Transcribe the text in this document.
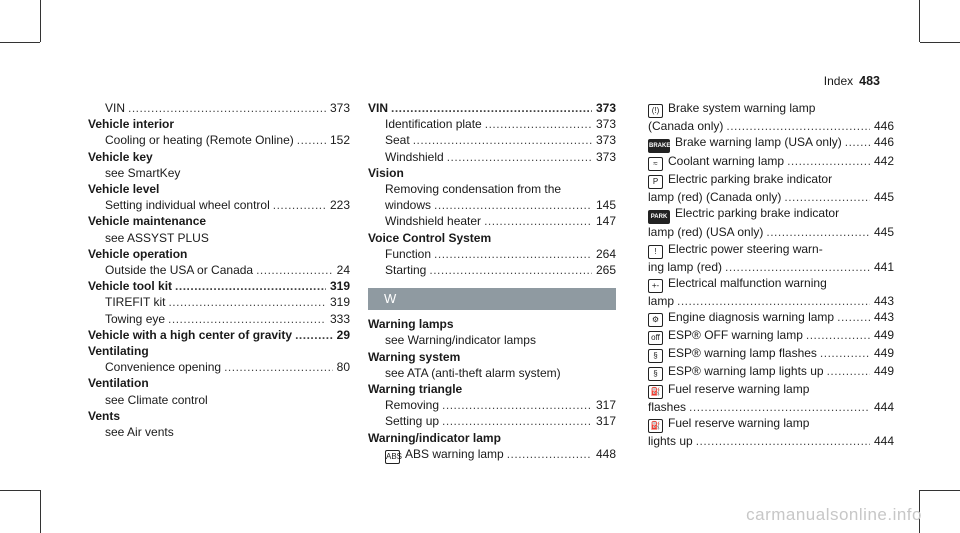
Index 483
VIN .....	373
Vehicle interior
Cooling or heating (Remote Online) .....	152
Vehicle key
see SmartKey
Vehicle level
Setting individual wheel control .....	223
Vehicle maintenance
see ASSYST PLUS
Vehicle operation
Outside the USA or Canada .....	24
Vehicle tool kit .....	319
TIREFIT kit .....	319
Towing eye .....	333
Vehicle with a high center of gravity .....	29
Ventilating
Convenience opening .....	80
Ventilation
see Climate control
Vents
see Air vents
VIN .....	373
Identification plate .....	373
Seat .....	373
Windshield .....	373
Vision
Removing condensation from the
windows .....	145
Windshield heater .....	147
Voice Control System
Function .....	264
Starting .....	265
W
Warning lamps
see Warning/indicator lamps
Warning system
see ATA (anti-theft alarm system)
Warning triangle
Removing .....	317
Setting up .....	317
Warning/indicator lamp
ABS ABS warning lamp .....	448
(!) Brake system warning lamp
(Canada only) .....	446
BRAKE Brake warning lamp (USA only) .....	446
≈ Coolant warning lamp .....	442
P Electric parking brake indicator
lamp (red) (Canada only) .....	445
PARK Electric parking brake indicator
lamp (red) (USA only) .....	445
! Electric power steering warn-
ing lamp (red) .....	441
+- Electrical malfunction warning
lamp .....	443
⚙ Engine diagnosis warning lamp .....	443
off ESP® OFF warning lamp .....	449
§ ESP® warning lamp flashes .....	449
§ ESP® warning lamp lights up .....	449
⛽ Fuel reserve warning lamp
flashes .....	444
⛽ Fuel reserve warning lamp
lights up .....	444
carmanualsonline.info
